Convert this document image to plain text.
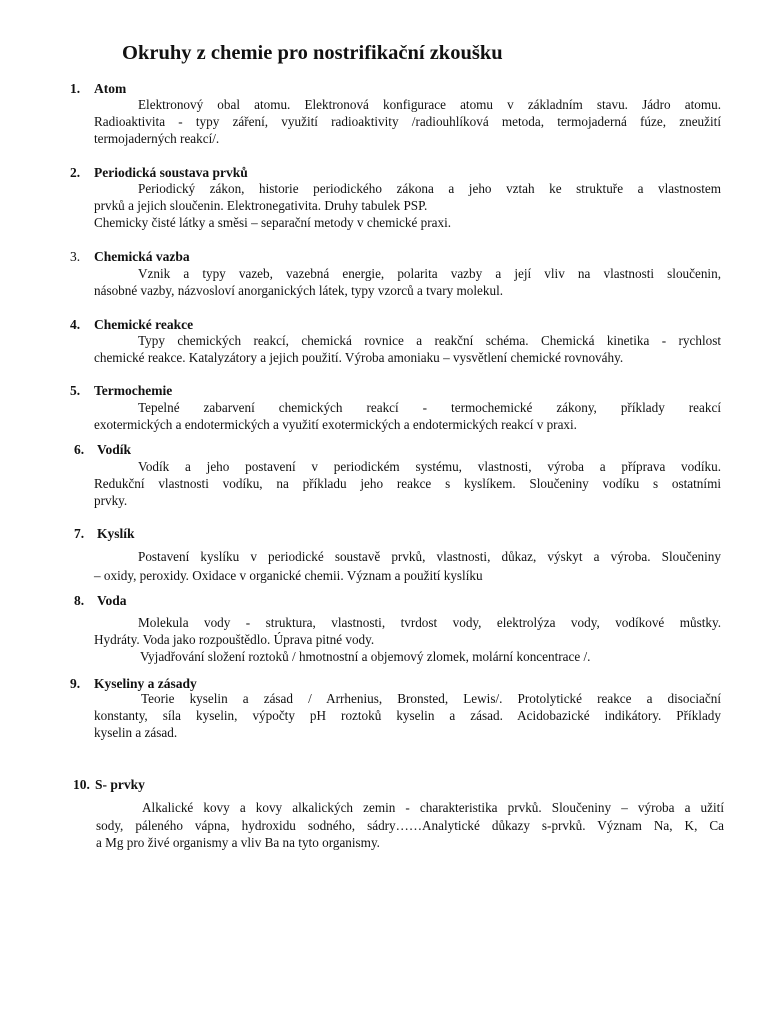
Okruhy z chemie pro nostrifikační zkoušku
1. Atom
Elektronový obal atomu. Elektronová konfigurace atomu v základním stavu. Jádro atomu.
Radioaktivita - typy záření, využití radioaktivity /radiouhlíková metoda, termojaderná fúze, zneužití
termojaderných reakcí/.
2. Periodická soustava prvků
Periodický zákon, historie periodického zákona a jeho vztah ke struktuře a vlastnostem
prvků a jejich sloučenin. Elektronegativita. Druhy tabulek PSP.
Chemicky čisté látky a směsi – separační metody v chemické praxi.
3. Chemická vazba
Vznik a typy vazeb, vazebná energie, polarita vazby a její vliv na vlastnosti sloučenin,
násobné vazby, názvosloví anorganických látek, typy vzorců a tvary molekul.
4. Chemické reakce
Typy chemických reakcí, chemická rovnice a reakční schéma. Chemická kinetika - rychlost
chemické reakce. Katalyzátory a jejich použití. Výroba amoniaku – vysvětlení chemické rovnováhy.
5. Termochemie
Tepelné zabarvení chemických reakcí - termochemické zákony, příklady reakcí
exotermických a endotermických a využití exotermických a endotermických reakcí v praxi.
6. Vodík
Vodík a jeho postavení v periodickém systému, vlastnosti, výroba a příprava vodíku.
Redukční vlastnosti vodíku, na příkladu jeho reakce s kyslíkem. Sloučeniny vodíku s ostatními
prvky.
7. Kyslík
Postavení kyslíku v periodické soustavě prvků, vlastnosti, důkaz, výskyt a výroba. Sloučeniny
– oxidy, peroxidy. Oxidace v organické chemii. Význam a použití kyslíku
8. Voda
Molekula vody - struktura, vlastnosti, tvrdost vody, elektrolýza vody, vodíkové můstky.
Hydráty. Voda jako rozpouštědlo. Úprava pitné vody.
Vyjadřování složení roztoků / hmotnostní a objemový zlomek, molární koncentrace /.
9. Kyseliny a zásady
Teorie kyselin a zásad / Arrhenius, Bronsted, Lewis/. Protolytické reakce a disociační
konstanty, síla kyselin, výpočty pH roztoků kyselin a zásad. Acidobazické indikátory. Příklady
kyselin a zásad.
10. S- prvky
Alkalické kovy a kovy alkalických zemin - charakteristika prvků. Sloučeniny – výroba a užití
sody, páleného vápna, hydroxidu sodného, sádry……Analytické důkazy s-prvků. Význam Na, K, Ca
a Mg pro živé organismy a vliv Ba na tyto organismy.
